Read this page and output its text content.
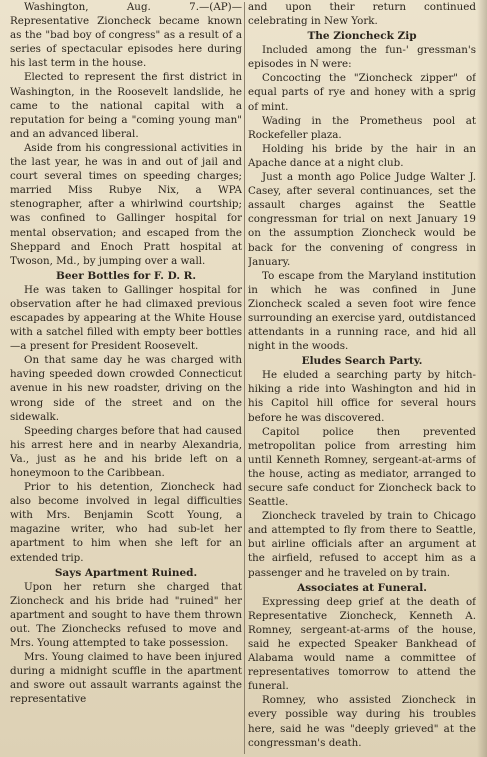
Washington, Aug. 7.—(AP)—Representative Zioncheck became known as the "bad boy of congress" as a result of a series of spectacular episodes here during his last term in the house.

Elected to represent the first district in Washington, in the Roosevelt landslide, he came to the national capital with a reputation for being a "coming young man" and an advanced liberal.

Aside from his congressional activities in the last year, he was in and out of jail and court several times on speeding charges; married Miss Rubye Nix, a WPA stenographer, after a whirlwind courtship; was confined to Gallinger hospital for mental observation; and escaped from the Sheppard and Enoch Pratt hospital at Twoson, Md., by jumping over a wall.

Beer Bottles for F. D. R.

He was taken to Gallinger hospital for observation after he had climaxed previous escapades by appearing at the White House with a satchel filled with empty beer bottles—a present for President Roosevelt.

On that same day he was charged with having speeded down crowded Connecticut avenue in his new roadster, driving on the wrong side of the street and on the sidewalk.

Speeding charges before that had caused his arrest here and in nearby Alexandria, Va., just as he and his bride left on a honeymoon to the Caribbean.

Prior to his detention, Zioncheck had also become involved in legal difficulties with Mrs. Benjamin Scott Young, a magazine writer, who had sub-let her apartment to him when she left for an extended trip.

Says Apartment Ruined.

Upon her return she charged that Zioncheck and his bride had "ruined" her apartment and sought to have them thrown out. The Zionchecks refused to move and Mrs. Young attempted to take possession.

Mrs. Young claimed to have been injured during a midnight scuffle in the apartment and swore out assault warrants against the representative

and upon their return continued celebrating in New York.

The Zioncheck Zip

Included among the fun-' gressman's episodes in N were:

Concocting the "Zioncheck zipper" of equal parts of rye and honey with a sprig of mint.

Wading in the Prometheus pool at Rockefeller plaza.

Holding his bride by the hair in an Apache dance at a night club.

Just a month ago Police Judge Walter J. Casey, after several continuances, set the assault charges against the Seattle congressman for trial on next January 19 on the assumption Zioncheck would be back for the convening of congress in January.

To escape from the Maryland institution in which he was confined in June Zioncheck scaled a seven foot wire fence surrounding an exercise yard, outdistanced attendants in a running race, and hid all night in the woods.

Eludes Search Party.

He eluded a searching party by hitch-hiking a ride into Washington and hid in his Capitol hill office for several hours before he was discovered.

Capitol police then prevented metropolitan police from arresting him until Kenneth Romney, sergeant-at-arms of the house, acting as mediator, arranged to secure safe conduct for Zioncheck back to Seattle.

Zioncheck traveled by train to Chicago and attempted to fly from there to Seattle, but airline officials after an argument at the airfield, refused to accept him as a passenger and he traveled on by train.

Associates at Funeral.

Expressing deep grief at the death of Representative Zioncheck, Kenneth A. Romney, sergeant-at-arms of the house, said he expected Speaker Bankhead of Alabama would name a committee of representatives tomorrow to attend the funeral.

Romney, who assisted Zioncheck in every possible way during his troubles here, said he was "deeply grieved" at the congressman's death.
